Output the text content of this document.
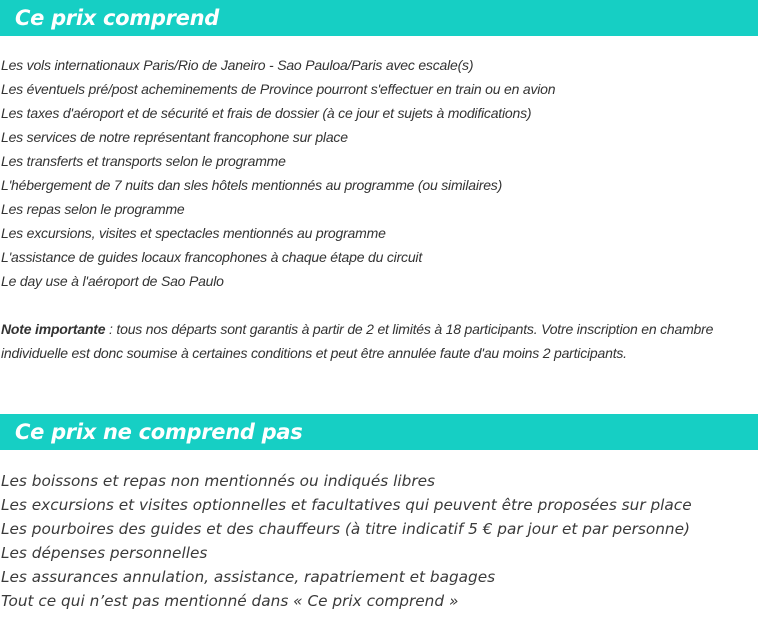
Ce prix comprend
Les vols internationaux Paris/Rio de Janeiro - Sao Pauloa/Paris avec escale(s)
Les éventuels pré/post acheminements de Province pourront s'effectuer en train ou en avion
Les taxes d'aéroport et de sécurité et frais de dossier (à ce jour et sujets à modifications)
Les services de notre représentant francophone sur place
Les transferts et transports selon le programme
L'hébergement de 7 nuits dan sles hôtels mentionnés au programme (ou similaires)
Les repas selon le programme
Les excursions, visites et spectacles mentionnés au programme
L'assistance de guides locaux francophones à chaque étape du circuit
Le day use à l'aéroport de Sao Paulo

Note importante : tous nos départs sont garantis à partir de 2 et limités à 18 participants. Votre inscription en chambre individuelle est donc soumise à certaines conditions et peut être annulée faute d'au moins 2 participants.

Ce prix ne comprend pas
Les boissons et repas non mentionnés ou indiqués libres
Les excursions et visites optionnelles et facultatives qui peuvent être proposées sur place
Les pourboires des guides et des chauffeurs (à titre indicatif 5 € par jour et par personne)
Les dépenses personnelles
Les assurances annulation, assistance, rapatriement et bagages
Tout ce qui n’est pas mentionné dans « Ce prix comprend »
